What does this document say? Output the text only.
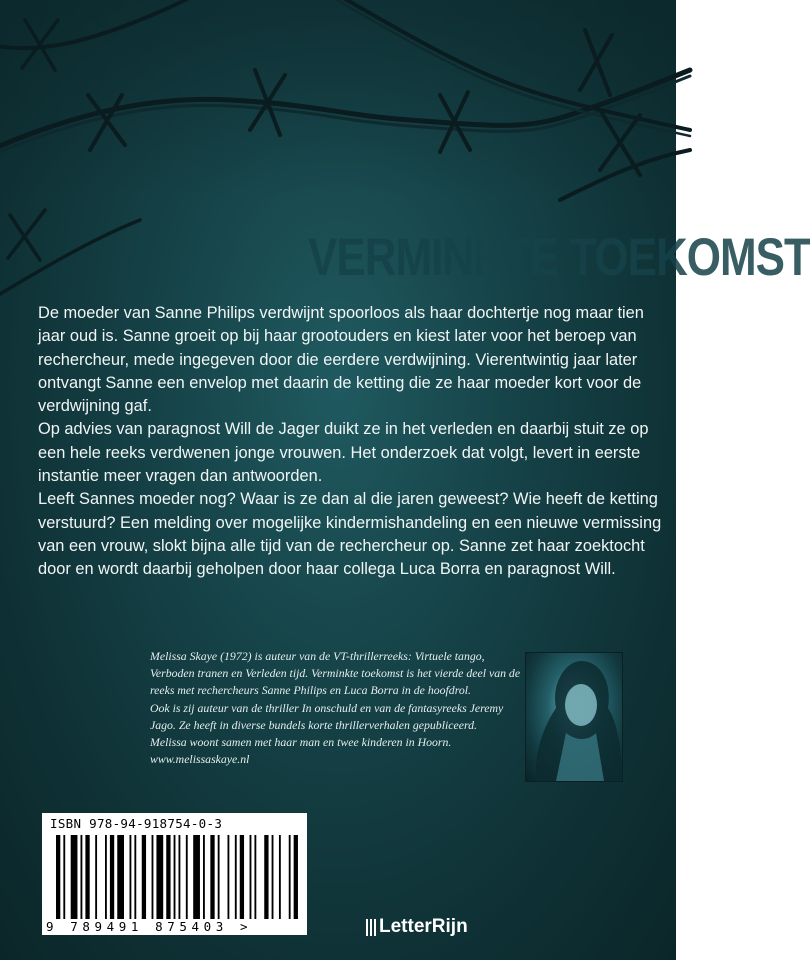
VERMINKTE TOEKOMST

De moeder van Sanne Philips verdwijnt spoorloos als haar dochtertje nog maar tien jaar oud is. Sanne groeit op bij haar grootouders en kiest later voor het beroep van rechercheur, mede ingegeven door die eerdere verdwijning. Vierentwintig jaar later ontvangt Sanne een envelop met daarin de ketting die ze haar moeder kort voor de verdwijning gaf.

Op advies van paragnost Will de Jager duikt ze in het verleden en daarbij stuit ze op een hele reeks verdwenen jonge vrouwen. Het onderzoek dat volgt, levert in eerste instantie meer vragen dan antwoorden.

Leeft Sannes moeder nog? Waar is ze dan al die jaren geweest? Wie heeft de ketting verstuurd? Een melding over mogelijke kindermishandeling en een nieuwe vermissing van een vrouw, slokt bijna alle tijd van de rechercheur op. Sanne zet haar zoektocht door en wordt daarbij geholpen door haar collega Luca Borra en paragnost Will.

Melissa Skaye (1972) is auteur van de VT-thrillerreeks: Virtuele tango, Verboden tranen en Verleden tijd. Verminkte toekomst is het vierde deel van de reeks met rechercheurs Sanne Philips en Luca Borra in de hoofdrol.

Ook is zij auteur van de thriller In onschuld en van de fantasyreeks Jeremy Jago. Ze heeft in diverse bundels korte thrillerverhalen gepubliceerd.

Melissa woont samen met haar man en twee kinderen in Hoorn.

www.melissaskaye.nl

ISBN 978-94-918754-0-3
9 789491 875403 >	LetterRijn
